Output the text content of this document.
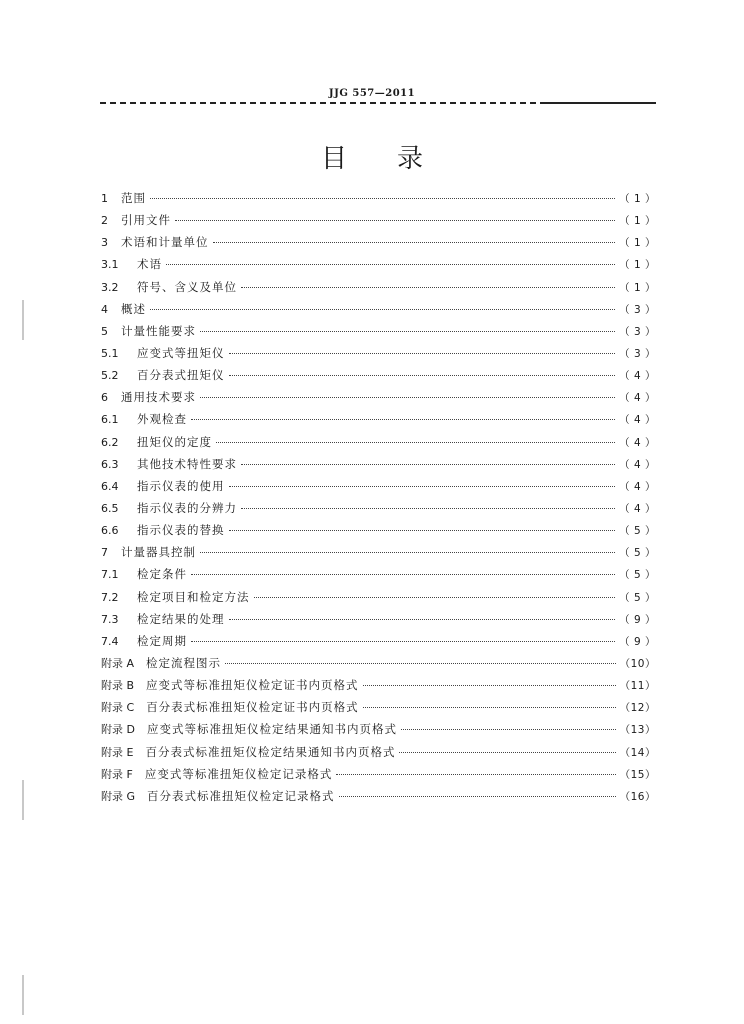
JJG 557—2011
目录
1	范围	（ 1 ）
2	引用文件	（ 1 ）
3	术语和计量单位	（ 1 ）
3.1	术语	（ 1 ）
3.2	符号、含义及单位	（ 1 ）
4	概述	（ 3 ）
5	计量性能要求	（ 3 ）
5.1	应变式等扭矩仪	（ 3 ）
5.2	百分表式扭矩仪	（ 4 ）
6	通用技术要求	（ 4 ）
6.1	外观检查	（ 4 ）
6.2	扭矩仪的定度	（ 4 ）
6.3	其他技术特性要求	（ 4 ）
6.4	指示仪表的使用	（ 4 ）
6.5	指示仪表的分辨力	（ 4 ）
6.6	指示仪表的替换	（ 5 ）
7	计量器具控制	（ 5 ）
7.1	检定条件	（ 5 ）
7.2	检定项目和检定方法	（ 5 ）
7.3	检定结果的处理	（ 9 ）
7.4	检定周期	（ 9 ）
附录 A 检定流程图示	（10）
附录 B 应变式等标准扭矩仪检定证书内页格式	（11）
附录 C 百分表式标准扭矩仪检定证书内页格式	（12）
附录 D 应变式等标准扭矩仪检定结果通知书内页格式	（13）
附录 E 百分表式标准扭矩仪检定结果通知书内页格式	（14）
附录 F 应变式等标准扭矩仪检定记录格式	（15）
附录 G 百分表式标准扭矩仪检定记录格式	（16）
